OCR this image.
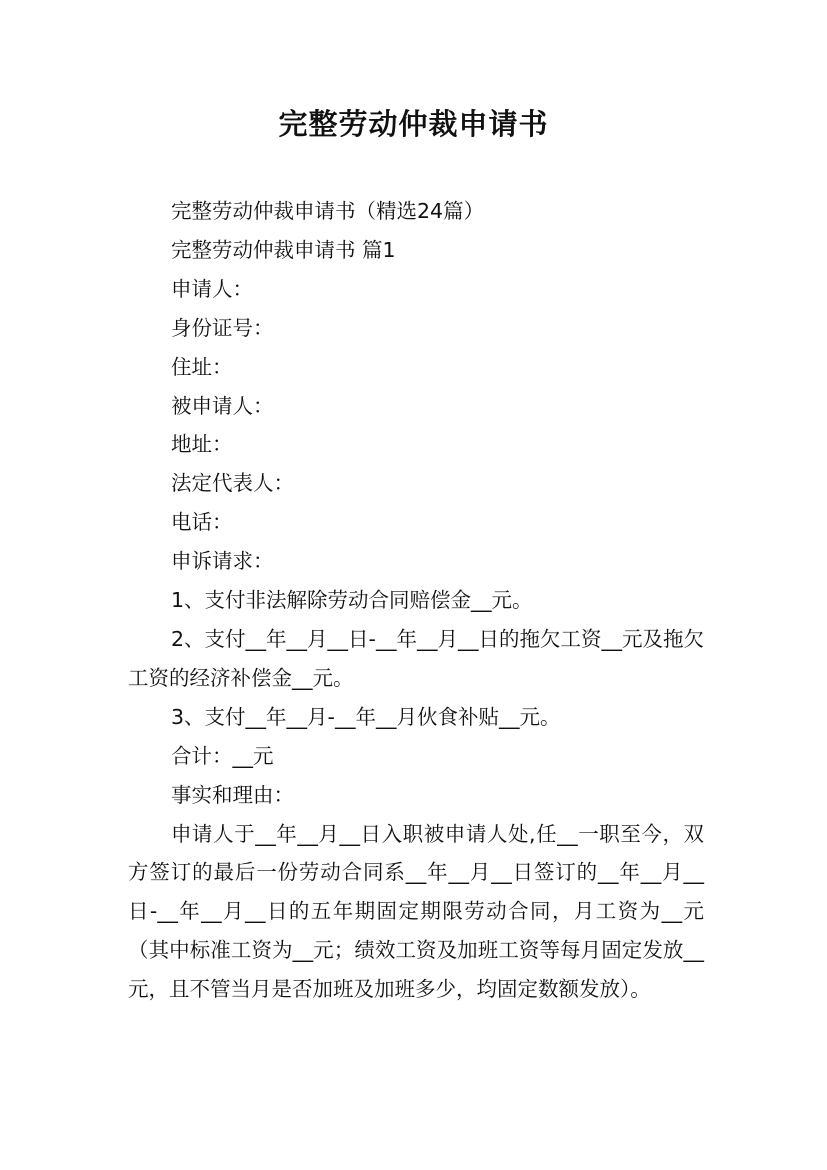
完整劳动仲裁申请书

完整劳动仲裁申请书（精选24篇）

完整劳动仲裁申请书 篇1

申请人：

身份证号：

住址：

被申请人：

地址：

法定代表人：

电话：

申诉请求：

1、支付非法解除劳动合同赔偿金__元。

2、支付__年__月__日-__年__月__日的拖欠工资__元及拖欠工资的经济补偿金__元。

3、支付__年__月-__年__月伙食补贴__元。

合计：__元

事实和理由：

申请人于__年__月__日入职被申请人处,任__一职至今，双方签订的最后一份劳动合同系__年__月__日签订的__年__月__日-__年__月__日的五年期固定期限劳动合同，月工资为__元（其中标准工资为__元；绩效工资及加班工资等每月固定发放__元，且不管当月是否加班及加班多少，均固定数额发放）。
